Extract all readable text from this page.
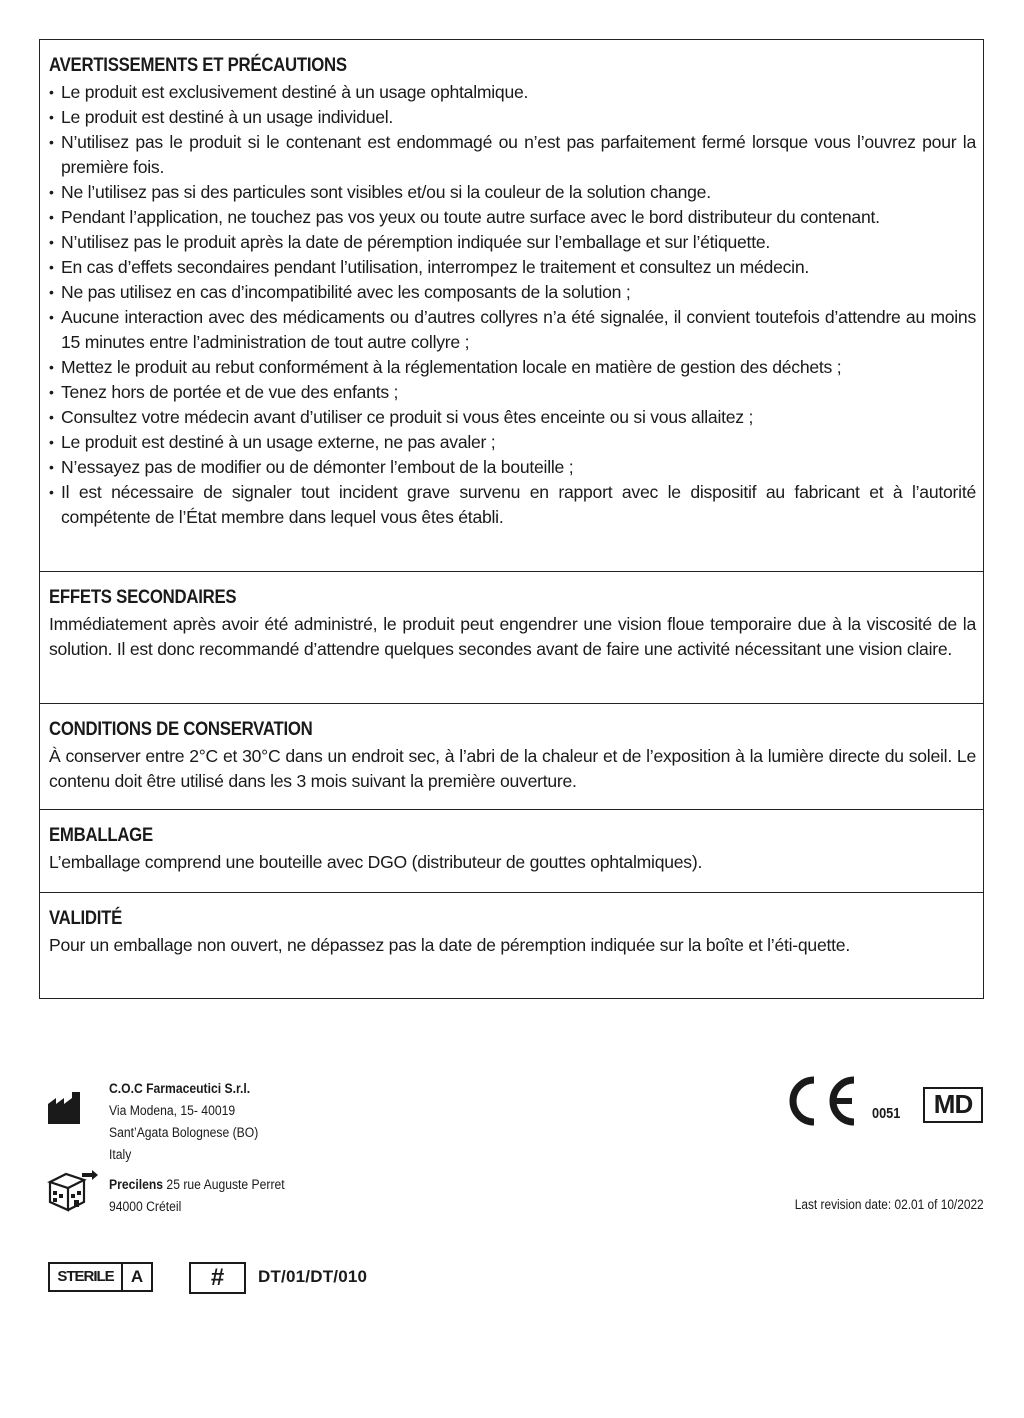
AVERTISSEMENTS ET PRÉCAUTIONS
• Le produit est exclusivement destiné à un usage ophtalmique.
• Le produit est destiné à un usage individuel.
• N’utilisez pas le produit si le contenant est endommagé ou n’est pas parfaitement fermé lorsque vous l’ouvrez pour la première fois.
• Ne l’utilisez pas si des particules sont visibles et/ou si la couleur de la solution change.
• Pendant l’application, ne touchez pas vos yeux ou toute autre surface avec le bord distributeur du contenant.
• N’utilisez pas le produit après la date de péremption indiquée sur l’emballage et sur l’étiquette.
• En cas d’effets secondaires pendant l’utilisation, interrompez le traitement et consultez un médecin.
• Ne pas utilisez en cas d’incompatibilité avec les composants de la solution ;
• Aucune interaction avec des médicaments ou d’autres collyres n’a été signalée, il convient toutefois d’attendre au moins 15 minutes entre l’administration de tout autre collyre ;
• Mettez le produit au rebut conformément à la réglementation locale en matière de gestion des déchets ;
• Tenez hors de portée et de vue des enfants ;
• Consultez votre médecin avant d’utiliser ce produit si vous êtes enceinte ou si vous allaitez ;
• Le produit est destiné à un usage externe, ne pas avaler ;
• N’essayez pas de modifier ou de démonter l’embout de la bouteille ;
• Il est nécessaire de signaler tout incident grave survenu en rapport avec le dispositif au fabricant et à l’autorité compétente de l’État membre dans lequel vous êtes établi.
EFFETS SECONDAIRES

Immédiatement après avoir été administré, le produit peut engendrer une vision floue temporaire due à la viscosité de la solution. Il est donc recommandé d’attendre quelques secondes avant de faire une activité nécessitant une vision claire.

CONDITIONS DE CONSERVATION

À conserver entre 2°C et 30°C dans un endroit sec, à l’abri de la chaleur et de l’exposition à la lumière directe du soleil. Le contenu doit être utilisé dans les 3 mois suivant la première ouverture.

EMBALLAGE

L’emballage comprend une bouteille avec DGO (distributeur de gouttes ophtalmiques).

VALIDITÉ

Pour un emballage non ouvert, ne dépassez pas la date de péremption indiquée sur la boîte et l’éti-quette.

C.O.C Farmaceutici S.r.l.
Via Modena, 15- 40019
Sant’Agata Bolognese (BO)
Italy
Precilens 25 rue Auguste Perret
94000 Créteil
0051	MD
Last revision date: 02.01 of 10/2022
STERILE	A	#	DT/01/DT/010
